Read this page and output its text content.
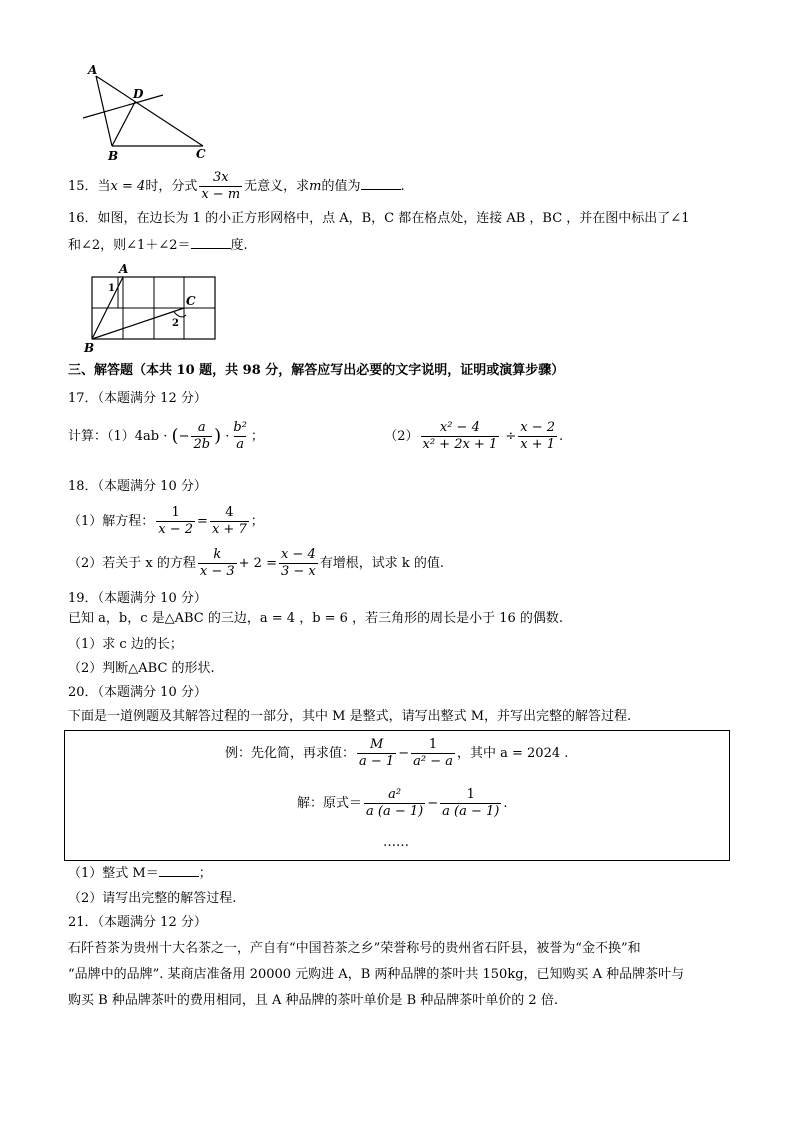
A
D
B	C
15．当x = 4时，分式 $\frac{3x}{x - m}$ 无意义，求m的值为	.
16．如图，在边长为 1 的小正方形网格中，点 A，B，C 都在格点处，连接 AB ，BC ，并在图中标出了∠1
和∠2，则∠1＋∠2＝	度.
A
B
C
1
2
三、解答题（本共 10 题，共 98 分，解答应写出必要的文字说明，证明或演算步骤）
17．（本题满分 12 分）
计算：（1）4ab · (− $\frac{a}{2b}$ ) · $\frac{\text{b²}}{a}$ ；	$(2) \frac{\text{x² − 4}}{\text{x² + 2x + 1}} \div \frac{x - 2}{x + 1}$ .
18．（本题满分 10 分）
（1）解方程： $\frac{1}{x - 2} = \frac{4}{x + 7}$ ；
（2）若关于 x 的方程 $\frac{k}{x - 3} + 2 = \frac{x - 4}{3 - x}$ 有增根，试求 k 的值.
19．（本题满分 10 分）
已知 a，b，c 是△ABC 的三边，a = 4 ，b = 6 ，若三角形的周长是小于 16 的偶数.
（1）求 c 边的长；
（2）判断△ABC 的形状.
20．（本题满分 10 分）
下面是一道例题及其解答过程的一部分，其中 M 是整式，请写出整式 M，并写出完整的解答过程.
例：先化简，再求值： $\frac{M}{a - 1} - \frac{1}{\text{a² − a}}$ ，其中 a = 2024 .
解：原式＝ $\frac{\text{a²}}{a (a - 1)} - \frac{1}{a (a - 1)}$ .
……
（1）整式 M＝	；
（2）请写出完整的解答过程.
21．（本题满分 12 分）
石阡苔茶为贵州十大名茶之一，产自有“中国苔茶之乡”荣誉称号的贵州省石阡县，被誉为“金不换”和
“品牌中的品牌”. 某商店准备用 20000 元购进 A，B 两种品牌的茶叶共 150kg，已知购买 A 种品牌茶叶与
购买 B 种品牌茶叶的费用相同，且 A 种品牌的茶叶单价是 B 种品牌茶叶单价的 2 倍.
